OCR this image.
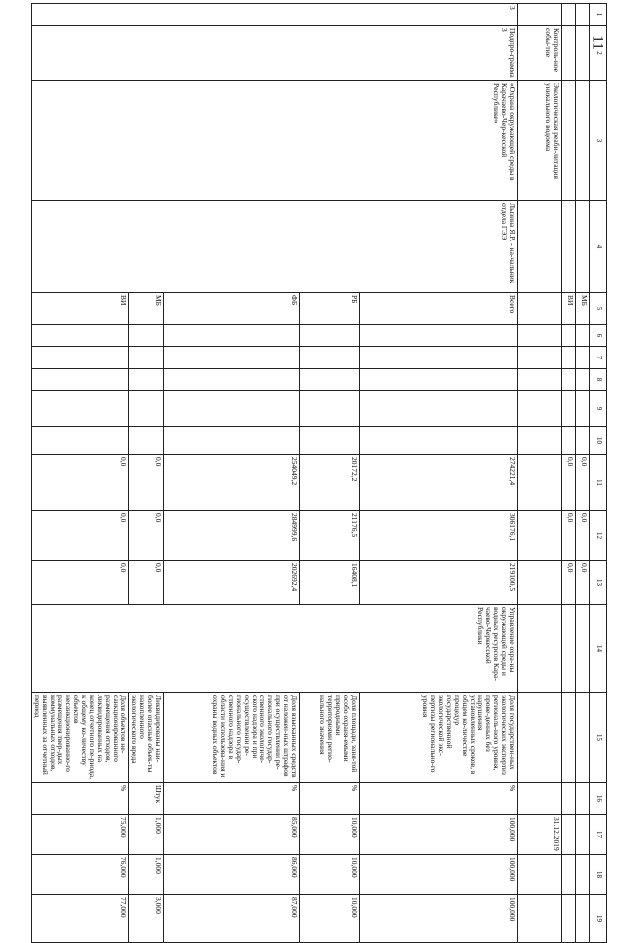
11
1	2	3	4	5	6	7	8	9	10	11	12	13	14	15	16	17	18	19
				МБ						0,0	0,0	0,0						
				ВИ						0,0	0,0	0,0						
	Контроль-ное собы-тие	Экологическая реаби-литация уникального водоема														31.12.2019		
3	Подпро-грамма 3	«Охрана окружающей среды в Карачаево-Чер-кесской Республике»	Лызина Я.Р. - на-чальник отдела ГЭЭ	Всего						274221,4	306176,1	219100,5	Управление охра-ны окружающей среды и водных ресурсов Кара-чаево-Черкесской Республики	Доля государствен-ных экологических экспертиз региональ-ного уровня, прове-денных без нарушения установленных сроков, в общем ко-личестве процедур государственной экологической экс-пертизы регионально-го уровня	%	100,000	100,000	100,000
				РБ						20172,2	21176,5	16408,1		Доля площади, заня-той особо охраня-емыми природными территориями регио-нального значения	%	10,000	10,000	10,000
				ФБ						254049,2	284999,6	202692,4		Доля взысканных средств от наложен-ных штрафов при осуществлении ре-гионального государ-ственного экологиче-ского надзора и при осуществлении ре-гионального государ-ственного надзора в области использова-ния и охраны водных объектов	%	85,000	86,000	87,000
				МБ						0,0	0,0	0,0		Ликвидированы наи-более опасные объек-ты накопленного экологического вреда	Штук	1,000	1,000	3,000
				ВИ						0,0	0,0	0,0		Доля объектов не-санкционированного размещения отходов, ликвидированных на конец отчетного пе-риода, к общему ко-личеству объектов несанкционированно-го размещения твер-дых коммунальных отходов, выявленных за отчетный период	%	75,000	76,000	77,000
